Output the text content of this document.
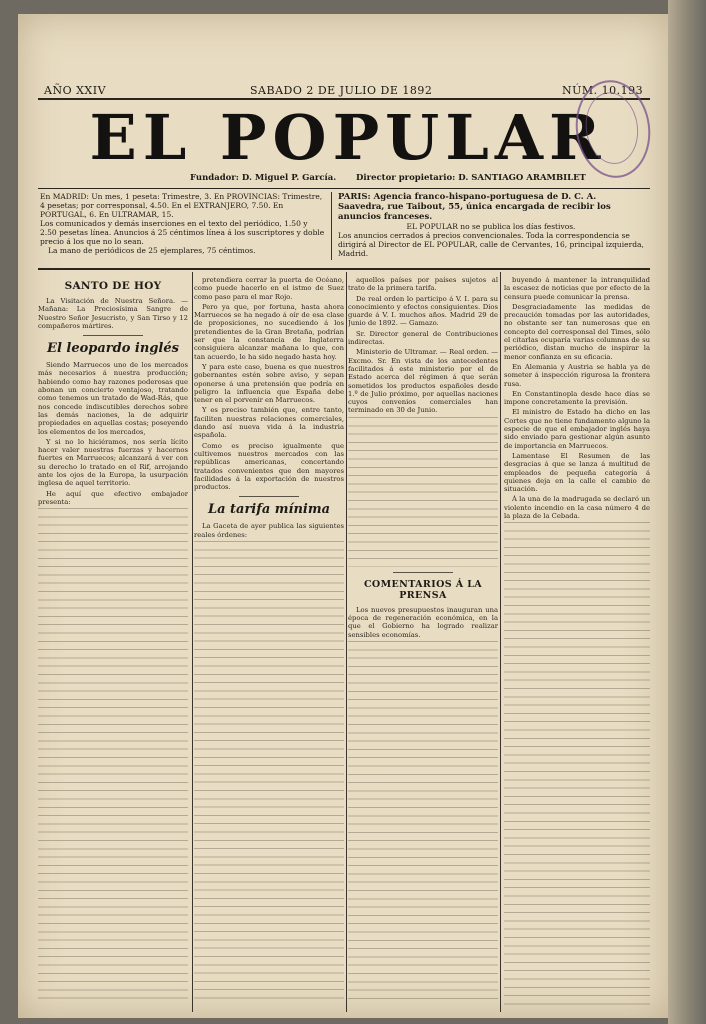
AÑO XXIV	SABADO 2 DE JULIO DE 1892	NÚM. 10.193
EL POPULAR
Fundador: D. Miguel P. García. Director propietario: D. SANTIAGO ARAMBILET
En MADRID: Un mes, 1 peseta: Trimestre, 3. En PROVINCIAS: Trimestre, 4 pesetas; por corresponsal, 4.50. En el EXTRANJERO, 7.50. En PORTUGAL, 6. En ULTRAMAR, 15.
Los comunicados y demás inserciones en el texto del periódico, 1.50 y 2.50 pesetas línea. Anuncios á 25 céntimos línea á los suscriptores y doble precio á los que no lo sean.
La mano de periódicos de 25 ejemplares, 75 céntimos.
PARIS: Agencia franco-hispano-portuguesa de D. C. A. Saavedra, rue Taibout, 55, única encargada de recibir los anuncios franceses.
EL POPULAR no se publica los días festivos.
Los anuncios cerrados á precios convencionales. Toda la correspondencia se dirigirá al Director de EL POPULAR, calle de Cervantes, 16, principal izquierda, Madrid.
SANTO DE HOY

La Visitación de Nuestra Señora. — Mañana: La Preciosísima Sangre de Nuestro Señor Jesucristo, y San Tirso y 12 compañeros mártires.

El leopardo inglés

Siendo Marruecos uno de los mercados más necesarios á nuestra producción; habiendo como hay razones poderosas que abonan un concierto ventajoso, tratando como tenemos un tratado de Wad-Rás, que nos concede indiscutibles derechos sobre las demás naciones, la de adquirir propiedades en aquellas costas; poseyendo los elementos de los mercados,

Y si no lo hiciéramos, nos sería lícito hacer valer nuestras fuerzas y hacernos fuertes en Marruecos; alcanzará á ver con su derecho lo tratado en el Rif, arrojando ante los ojos de la Europa, la usurpación inglesa de aquel territorio.

He aquí que efectivo embajador presenta:

pretendiera cerrar la puerta de Océano, como puede hacerlo en el istmo de Suez como paso para el mar Rojo.

Pero ya que, por fortuna, hasta ahora Marruecos se ha negado á oír de esa clase de proposiciones, no sucediendo á los pretendientes de la Gran Bretaña, podrían ser que la constancia de Inglaterra consiguiera alcanzar mañana lo que, con tan acuerdo, le ha sido negado hasta hoy.

Y para este caso, buena es que nuestros gobernantes estén sobre aviso, y sepan oponerse á una pretensión que podría en peligro la influencia que España debe tener en el porvenir en Marruecos.

Y es preciso también que, entre tanto, faciliten nuestras relaciones comerciales, dando así nueva vida á la industria española.

Como es preciso igualmente que cultivemos nuestros mercados con las repúblicas americanas, concertando tratados convenientes que den mayores facilidades á la exportación de nuestros productos.

La tarifa mínima

La Gaceta de ayer publica las siguientes reales órdenes:

aquellos países por países sujetos al trato de la primera tarifa.

De real orden lo participo á V. I. para su conocimiento y efectos consiguientes. Dios guarde á V. I. muchos años. Madrid 29 de Junio de 1892. — Gamazo.

Sr. Director general de Contribuciones indirectas.

Ministerio de Ultramar. — Real orden. — Excmo. Sr. En vista de los antecedentes facilitados á este ministerio por el de Estado acerca del régimen á que serán sometidos los productos españoles desde 1.º de Julio próximo, por aquellas naciones cuyos convenios comerciales han terminado en 30 de Junio.

COMENTARIOS Á LA PRENSA

Los nuevos presupuestos inauguran una época de regeneración económica, en la que el Gobierno ha logrado realizar sensibles economías.

buyendo á mantener la intranquilidad la escasez de noticias que por efecto de la censura puede comunicar la prensa.

Desgraciadamente las medidas de precaución tomadas por las autoridades, no obstante ser tan numerosas que en concepto del corresponsal del Times, sólo el citarlas ocuparía varias columnas de su periódico, distan mucho de inspirar la menor confianza en su eficacia.

En Alemania y Austria se habla ya de someter á inspección rigurosa la frontera rusa.

En Constantinopla desde hace días se impone concretamente la previsión.

El ministro de Estado ha dicho en las Cortes que no tiene fundamento alguno la especie de que el embajador inglés haya sido enviado para gestionar algún asunto de importancia en Marruecos.

Lamentase El Resumen de las desgracias á que se lanza á multitud de empleados de pequeña categoría á quienes deja en la calle el cambio de situación.

Á la una de la madrugada se declaró un violento incendio en la casa número 4 de la plaza de la Cebada.
